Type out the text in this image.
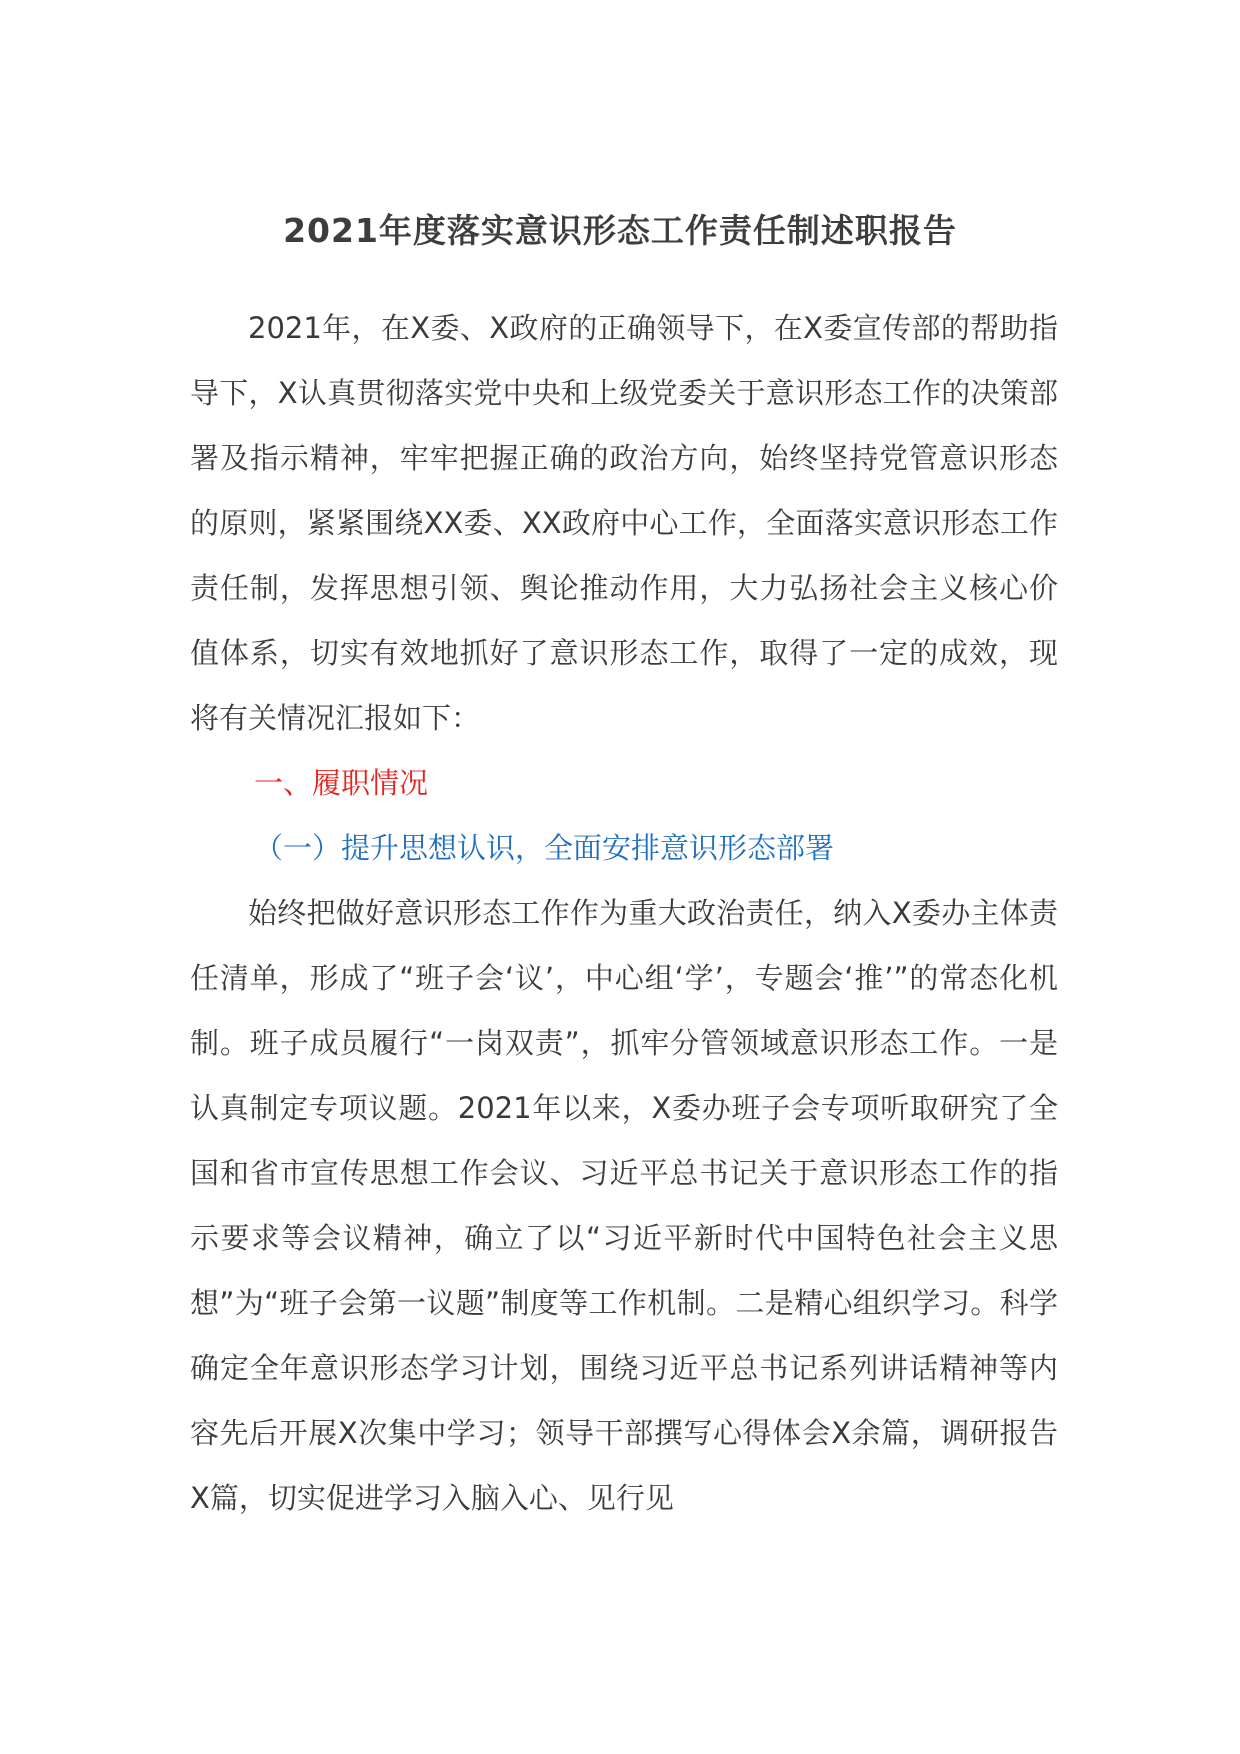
2021年度落实意识形态工作责任制述职报告

2021年，在X委、X政府的正确领导下，在X委宣传部的帮助指导下，X认真贯彻落实党中央和上级党委关于意识形态工作的决策部署及指示精神，牢牢把握正确的政治方向，始终坚持党管意识形态的原则，紧紧围绕XX委、XX政府中心工作，全面落实意识形态工作责任制，发挥思想引领、舆论推动作用，大力弘扬社会主义核心价值体系，切实有效地抓好了意识形态工作，取得了一定的成效，现将有关情况汇报如下：

一、履职情况
（一）提升思想认识，全面安排意识形态部署

始终把做好意识形态工作作为重大政治责任，纳入X委办主体责任清单，形成了“班子会‘议’，中心组‘学’，专题会‘推’”的常态化机制。班子成员履行“一岗双责”，抓牢分管领域意识形态工作。一是认真制定专项议题。2021年以来，X委办班子会专项听取研究了全国和省市宣传思想工作会议、习近平总书记关于意识形态工作的指示要求等会议精神，确立了以“习近平新时代中国特色社会主义思想”为“班子会第一议题”制度等工作机制。二是精心组织学习。科学确定全年意识形态学习计划，围绕习近平总书记系列讲话精神等内容先后开展X次集中学习；领导干部撰写心得体会X余篇，调研报告X篇，切实促进学习入脑入心、见行见
